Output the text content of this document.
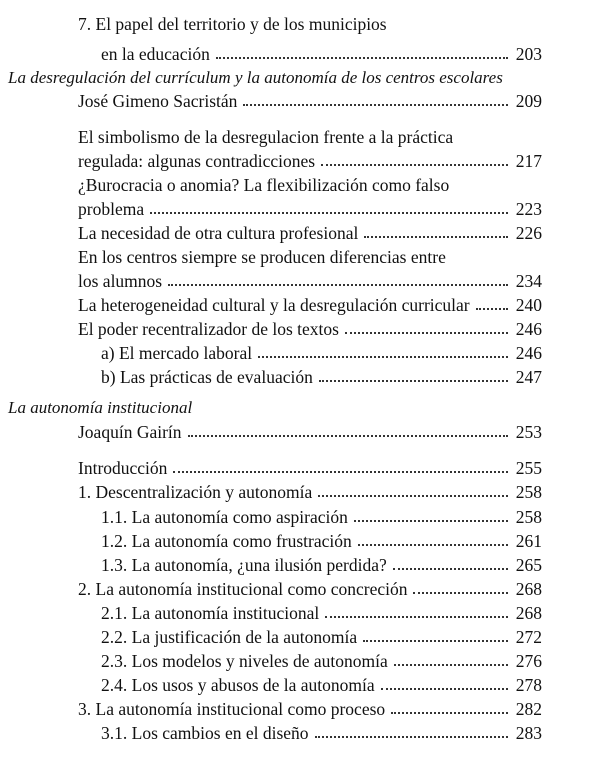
7. El papel del territorio y de los municipios
en la educación	203
La desregulación del currículum y la autonomía de los centros escolares
José Gimeno Sacristán	209
El simbolismo de la desregulacion frente a la práctica
regulada: algunas contradicciones	217
¿Burocracia o anomia? La flexibilización como falso
problema	223
La necesidad de otra cultura profesional	226
En los centros siempre se producen diferencias entre
los alumnos	234
La heterogeneidad cultural y la desregulación curricular	240
El poder recentralizador de los textos	246
a) El mercado laboral	246
b) Las prácticas de evaluación	247
La autonomía institucional
Joaquín Gairín	253
Introducción	255
1. Descentralización y autonomía	258
1.1. La autonomía como aspiración	258
1.2. La autonomía como frustración	261
1.3. La autonomía, ¿una ilusión perdida?	265
2. La autonomía institucional como concreción	268
2.1. La autonomía institucional	268
2.2. La justificación de la autonomía	272
2.3. Los modelos y niveles de autonomía	276
2.4. Los usos y abusos de la autonomía	278
3. La autonomía institucional como proceso	282
3.1. Los cambios en el diseño	283
